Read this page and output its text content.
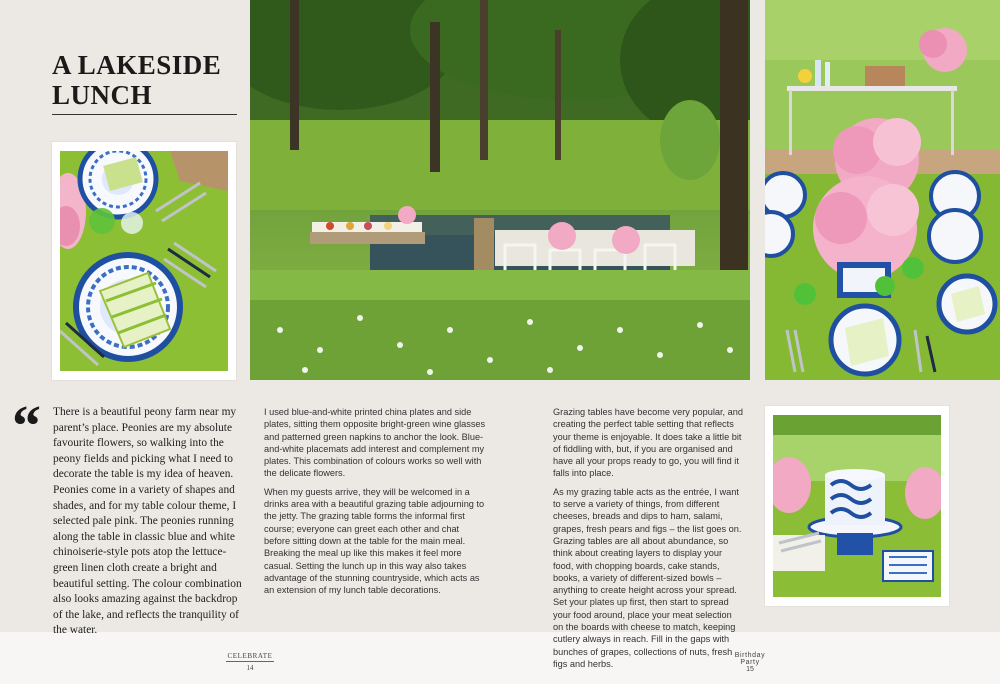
A LAKESIDE LUNCH
“ There is a beautiful peony farm near my parent’s place. Peonies are my absolute favourite flowers, so walking into the peony fields and picking what I need to decorate the table is my idea of heaven. Peonies come in a variety of shapes and shades, and for my table colour theme, I selected pale pink. The peonies running along the table in classic blue and white chinoiserie-style pots atop the lettuce-green linen cloth create a bright and beautiful setting. The colour combination also looks amazing against the backdrop of the lake, and reflects the tranquility of the water.

I used blue-and-white printed china plates and side plates, sitting them opposite bright-green wine glasses and patterned green napkins to anchor the look. Blue-and-white placemats add interest and complement my plates. This combination of colours works so well with the delicate flowers.

When my guests arrive, they will be welcomed in a drinks area with a beautiful grazing table adjourning to the jetty. The grazing table forms the informal first course; everyone can greet each other and chat before sitting down at the table for the main meal. Breaking the meal up like this makes it feel more casual. Setting the lunch up in this way also takes advantage of the stunning countryside, which acts as an extension of my lunch table decorations.

Grazing tables have become very popular, and creating the perfect table setting that reflects your theme is enjoyable. It does take a little bit of fiddling with, but, if you are organised and have all your props ready to go, you will find it falls into place.

As my grazing table acts as the entrée, I want to serve a variety of things, from different cheeses, breads and dips to ham, salami, grapes, fresh pears and figs – the list goes on. Grazing tables are all about abundance, so think about creating layers to display your food, with chopping boards, cake stands, books, a variety of different-sized bowls – anything to create height across your spread. Set your plates up first, then start to spread your food around, place your meat selection on the boards with cheese to match, keeping cutlery always in reach. Fill in the gaps with bunches of grapes, collections of nuts, fresh figs and herbs.

CELEBRATE
14
Birthday Party
15
